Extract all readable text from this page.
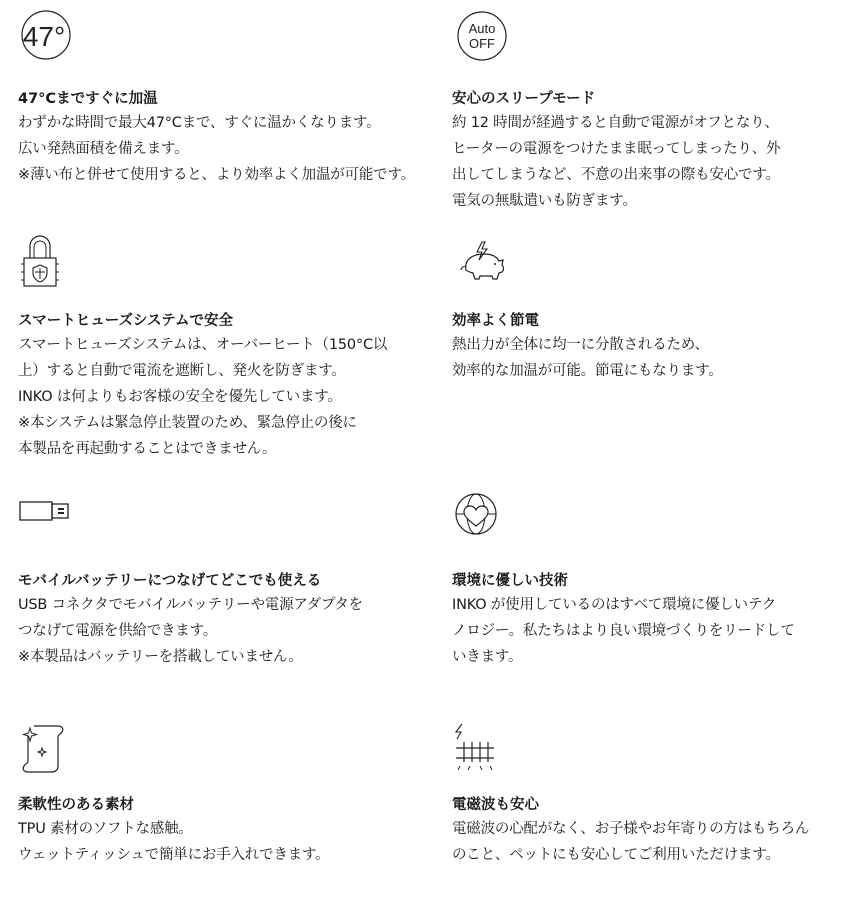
47°
47°Cまですぐに加温

わずかな時間で最大47°Cまで、すぐに温かくなります。

広い発熱面積を備えます。

※薄い布と併せて使用すると、より効率よく加温が可能です。

Auto
OFF
安心のスリープモード

約 12 時間が経過すると自動で電源がオフとなり、

ヒーターの電源をつけたまま眠ってしまったり、外

出してしまうなど、不意の出来事の際も安心です。

電気の無駄遣いも防ぎます。

スマートヒューズシステムで安全

スマートヒューズシステムは、オーバーヒート（150°C以

上）すると自動で電流を遮断し、発火を防ぎます。

INKO は何よりもお客様の安全を優先しています。

※本システムは緊急停止装置のため、緊急停止の後に

本製品を再起動することはできません。

効率よく節電

熱出力が全体に均一に分散されるため、

効率的な加温が可能。節電にもなります。

モバイルバッテリーにつなげてどこでも使える

USB コネクタでモバイルバッテリーや電源アダプタを

つなげて電源を供給できます。

※本製品はバッテリーを搭載していません。

環境に優しい技術

INKO が使用しているのはすべて環境に優しいテク

ノロジー。私たちはより良い環境づくりをリードして

いきます。

柔軟性のある素材

TPU 素材のソフトな感触。

ウェットティッシュで簡単にお手入れできます。

電磁波も安心

電磁波の心配がなく、お子様やお年寄りの方はもちろん

のこと、ペットにも安心してご利用いただけます。
